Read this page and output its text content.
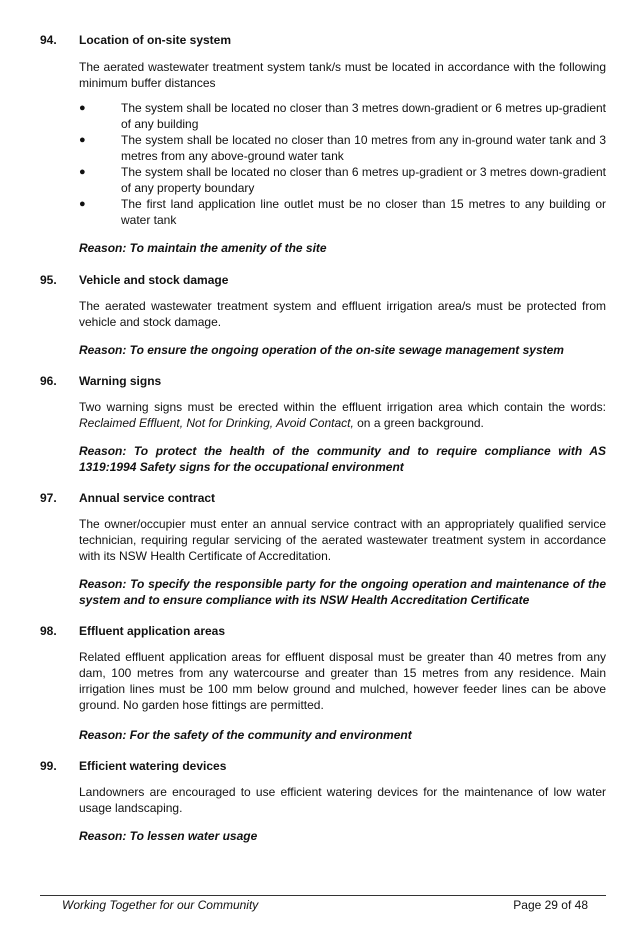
94.	Location of on-site system

The aerated wastewater treatment system tank/s must be located in accordance with the following minimum buffer distances

●	The system shall be located no closer than 3 metres down-gradient or 6 metres up-gradient of any building
●	The system shall be located no closer than 10 metres from any in-ground water tank and 3 metres from any above-ground water tank
●	The system shall be located no closer than 6 metres up-gradient or 3 metres down-gradient of any property boundary
●	The first land application line outlet must be no closer than 15 metres to any building or water tank

Reason: To maintain the amenity of the site

95.	Vehicle and stock damage

The aerated wastewater treatment system and effluent irrigation area/s must be protected from vehicle and stock damage.

Reason: To ensure the ongoing operation of the on-site sewage management system

96.	Warning signs

Two warning signs must be erected within the effluent irrigation area which contain the words: Reclaimed Effluent, Not for Drinking, Avoid Contact, on a green background.

Reason: To protect the health of the community and to require compliance with AS 1319:1994 Safety signs for the occupational environment

97.	Annual service contract

The owner/occupier must enter an annual service contract with an appropriately qualified service technician, requiring regular servicing of the aerated wastewater treatment system in accordance with its NSW Health Certificate of Accreditation.

Reason: To specify the responsible party for the ongoing operation and maintenance of the system and to ensure compliance with its NSW Health Accreditation Certificate

98.	Effluent application areas

Related effluent application areas for effluent disposal must be greater than 40 metres from any dam, 100 metres from any watercourse and greater than 15 metres from any residence. Main irrigation lines must be 100 mm below ground and mulched, however feeder lines can be above ground. No garden hose fittings are permitted.

Reason: For the safety of the community and environment

99.	Efficient watering devices

Landowners are encouraged to use efficient watering devices for the maintenance of low water usage landscaping.

Reason: To lessen water usage

Working Together for our Community	Page 29 of 48
